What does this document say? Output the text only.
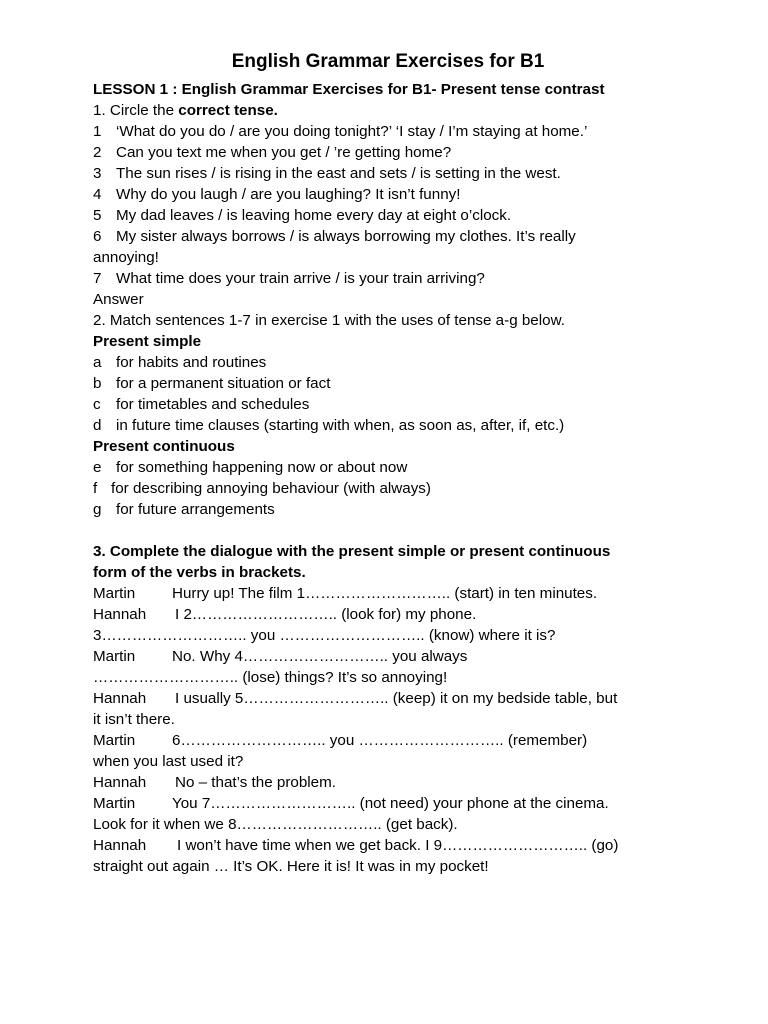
English Grammar Exercises for B1

LESSON 1 : English Grammar Exercises for B1- Present tense contrast

1. Circle the correct tense.

1 ‘What do you do / are you doing tonight?’ ‘I stay / I’m staying at home.’

2 Can you text me when you get / ’re getting home?

3 The sun rises / is rising in the east and sets / is setting in the west.

4 Why do you laugh / are you laughing? It isn’t funny!

5 My dad leaves / is leaving home every day at eight o’clock.

6 My sister always borrows / is always borrowing my clothes. It’s really

annoying!

7 What time does your train arrive / is your train arriving?

Answer

2. Match sentences 1-7 in exercise 1 with the uses of tense a-g below.

Present simple

a for habits and routines

b for a permanent situation or fact

c for timetables and schedules

d in future time clauses (starting with when, as soon as, after, if, etc.)

Present continuous

e for something happening now or about now

f for describing annoying behaviour (with always)

g for future arrangements

3. Complete the dialogue with the present simple or present continuous

form of the verbs in brackets.

Martin Hurry up! The film 1……………………….. (start) in ten minutes.

Hannah I 2……………………….. (look for) my phone.

3……………………….. you ……………………….. (know) where it is?

Martin No. Why 4……………………….. you always

……………………….. (lose) things? It’s so annoying!

Hannah I usually 5……………………….. (keep) it on my bedside table, but

it isn’t there.

Martin 6……………………….. you ……………………….. (remember)

when you last used it?

Hannah No – that’s the problem.

Martin You 7……………………….. (not need) your phone at the cinema.

Look for it when we 8……………………….. (get back).

Hannah I won’t have time when we get back. I 9……………………….. (go)

straight out again … It’s OK. Here it is! It was in my pocket!
